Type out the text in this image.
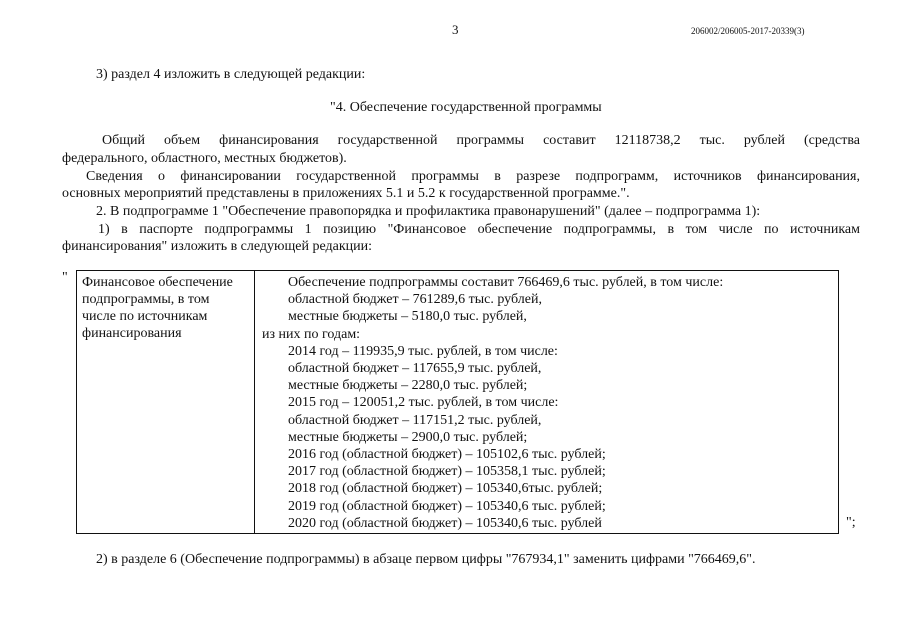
3	206002/206005-2017-20339(3)
3) раздел 4 изложить в следующей редакции:
"4. Обеспечение государственной программы
Общий объем финансирования государственной программы составит 12118738,2 тыс. рублей (средства
федерального, областного, местных бюджетов).
Сведения о финансировании государственной программы в разрезе подпрограмм, источников финансирования,
основных мероприятий представлены в приложениях 5.1 и 5.2 к государственной программе.".
2. В подпрограмме 1 "Обеспечение правопорядка и профилактика правонарушений" (далее – подпрограмма 1):
1) в паспорте подпрограммы 1 позицию "Финансовое обеспечение подпрограммы, в том числе по источникам
финансирования" изложить в следующей редакции:
" Финансовое обеспечение
подпрограммы, в том
числе по источникам
финансирования
Обеспечение подпрограммы составит 766469,6 тыс. рублей, в том числе:
областной бюджет – 761289,6 тыс. рублей,
местные бюджеты – 5180,0 тыс. рублей,
из них по годам:
2014 год – 119935,9 тыс. рублей, в том числе:
областной бюджет – 117655,9 тыс. рублей,
местные бюджеты – 2280,0 тыс. рублей;
2015 год – 120051,2 тыс. рублей, в том числе:
областной бюджет – 117151,2 тыс. рублей,
местные бюджеты – 2900,0 тыс. рублей;
2016 год (областной бюджет) – 105102,6 тыс. рублей;
2017 год (областной бюджет) – 105358,1 тыс. рублей;
2018 год (областной бюджет) – 105340,6тыс. рублей;
2019 год (областной бюджет) – 105340,6 тыс. рублей;
2020 год (областной бюджет) – 105340,6 тыс. рублей	";
2) в разделе 6 (Обеспечение подпрограммы) в абзаце первом цифры "767934,1" заменить цифрами "766469,6".
